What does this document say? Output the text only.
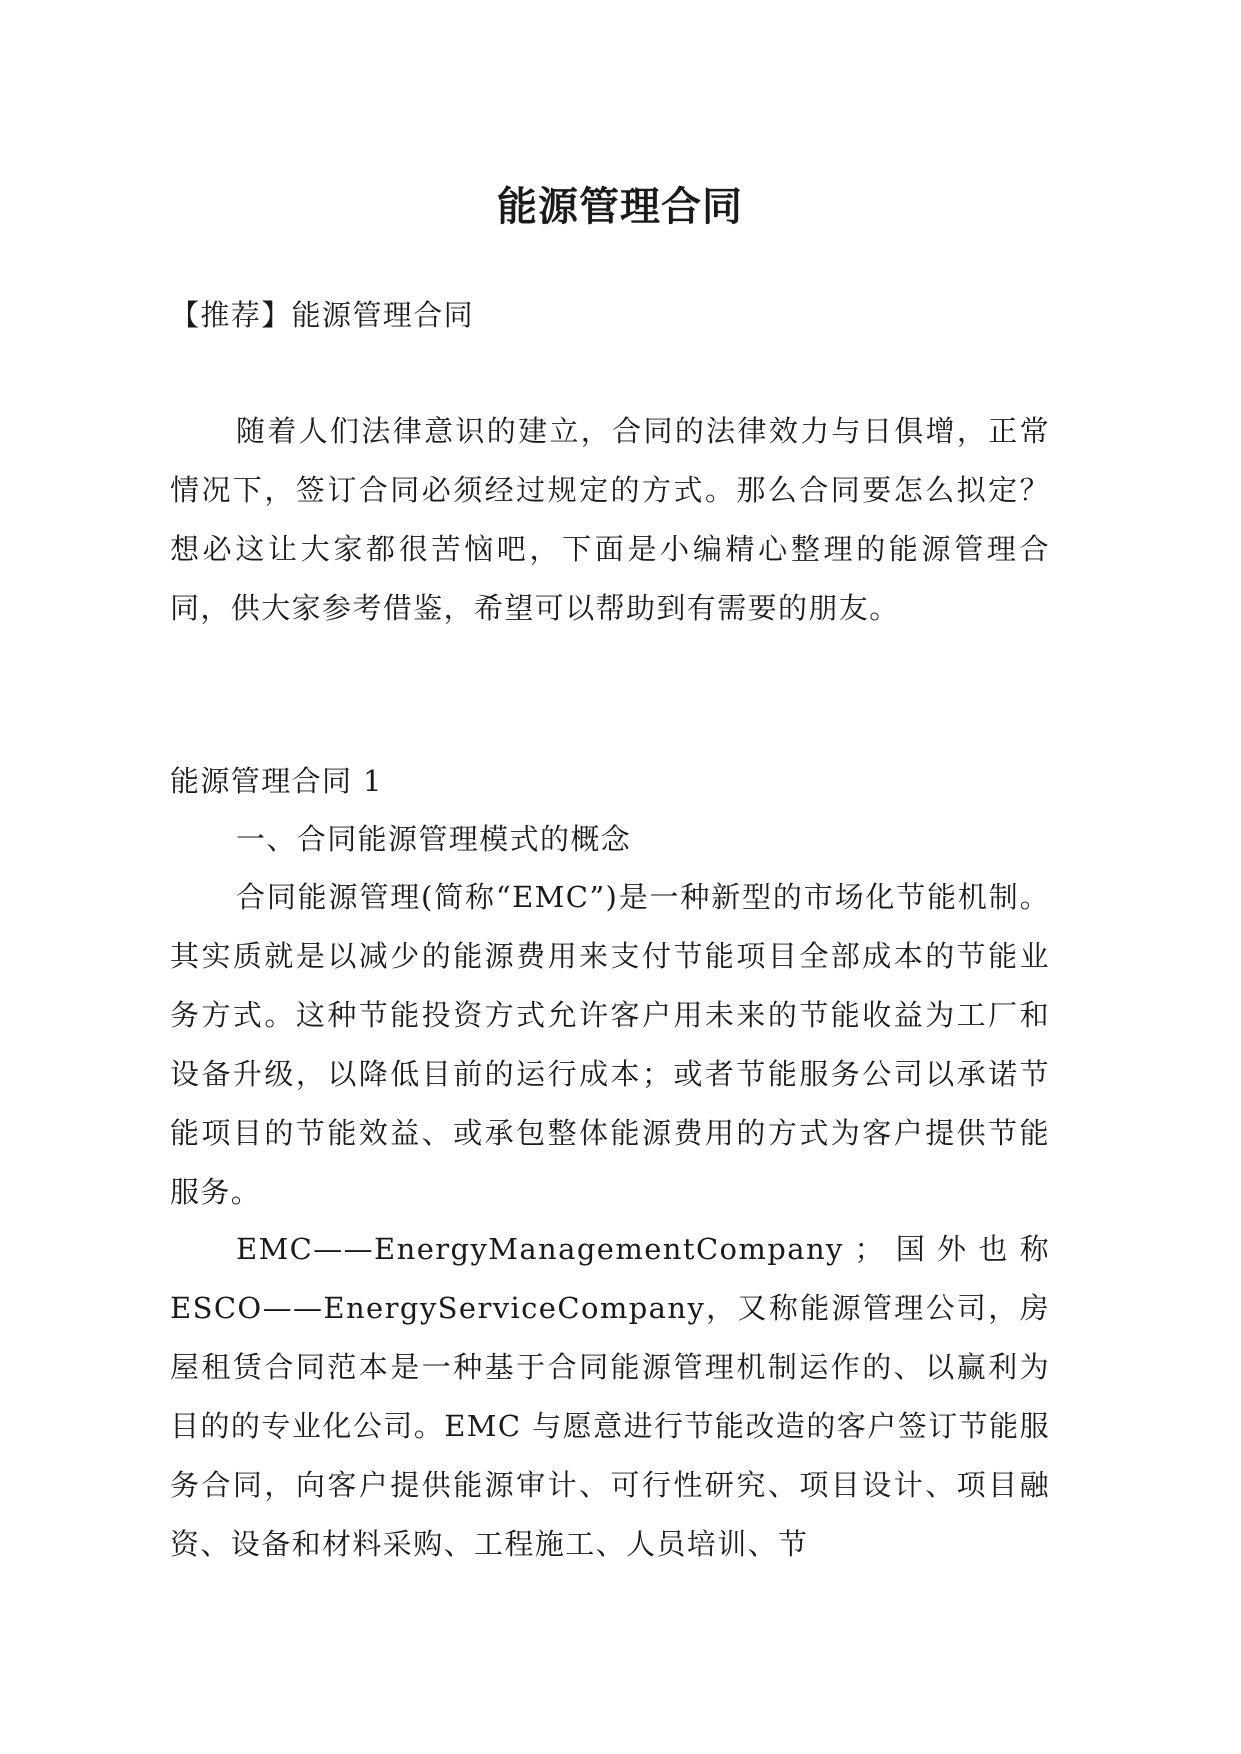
能源管理合同

【推荐】能源管理合同

随着人们法律意识的建立，合同的法律效力与日俱增，正常情况下，签订合同必须经过规定的方式。那么合同要怎么拟定？想必这让大家都很苦恼吧，下面是小编精心整理的能源管理合同，供大家参考借鉴，希望可以帮助到有需要的朋友。

能源管理合同 1

一、合同能源管理模式的概念

合同能源管理(简称“EMC”)是一种新型的市场化节能机制。其实质就是以减少的能源费用来支付节能项目全部成本的节能业务方式。这种节能投资方式允许客户用未来的节能收益为工厂和设备升级，以降低目前的运行成本；或者节能服务公司以承诺节能项目的节能效益、或承包整体能源费用的方式为客户提供节能服务。

EMC——EnergyManagementCompany ； 国 外 也 称 ESCO——EnergyServiceCompany，又称能源管理公司，房屋租赁合同范本是一种基于合同能源管理机制运作的、以赢利为目的的专业化公司。EMC 与愿意进行节能改造的客户签订节能服务合同，向客户提供能源审计、可行性研究、项目设计、项目融资、设备和材料采购、工程施工、人员培训、节
